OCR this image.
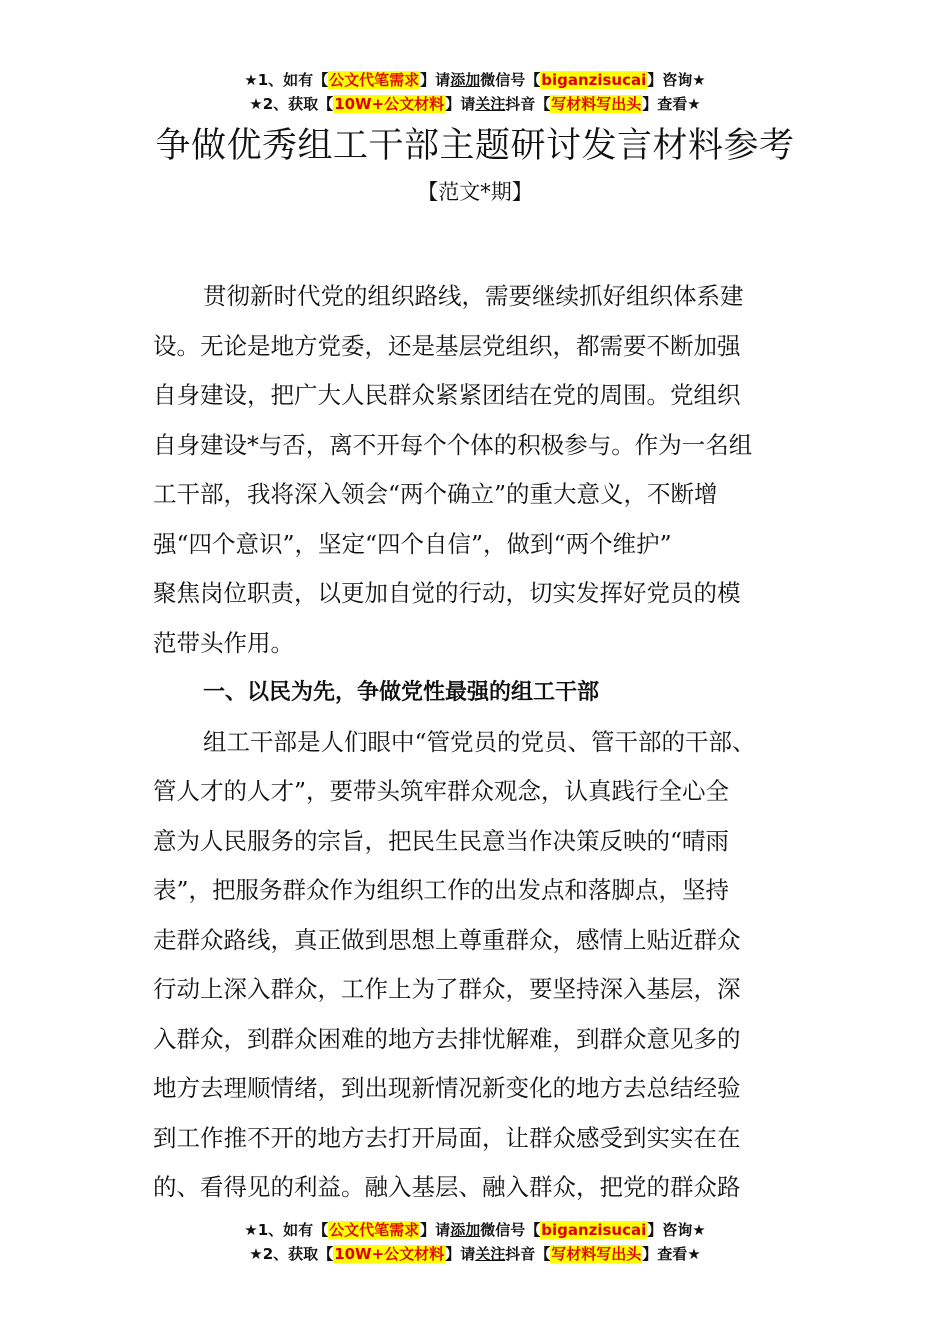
★1、如有【公文代笔需求】请添加微信号【biganzisucai】咨询★
★2、获取【10W+公文材料】请关注抖音【写材料写出头】查看★
争做优秀组工干部主题研讨发言材料参考
【范文*期】
贯彻新时代党的组织路线，需要继续抓好组织体系建
设。无论是地方党委，还是基层党组织，都需要不断加强
自身建设，把广大人民群众紧紧团结在党的周围。党组织
自身建设*与否，离不开每个个体的积极参与。作为一名组
工干部，我将深入领会“两个确立”的重大意义，不断增
强“四个意识”，坚定“四个自信”，做到“两个维护”
聚焦岗位职责，以更加自觉的行动，切实发挥好党员的模
范带头作用。
一、以民为先，争做党性最强的组工干部
组工干部是人们眼中“管党员的党员、管干部的干部、
管人才的人才”，要带头筑牢群众观念，认真践行全心全
意为人民服务的宗旨，把民生民意当作决策反映的“晴雨
表”，把服务群众作为组织工作的出发点和落脚点，坚持
走群众路线，真正做到思想上尊重群众，感情上贴近群众
行动上深入群众，工作上为了群众，要坚持深入基层，深
入群众，到群众困难的地方去排忧解难，到群众意见多的
地方去理顺情绪，到出现新情况新变化的地方去总结经验
到工作推不开的地方去打开局面，让群众感受到实实在在
的、看得见的利益。融入基层、融入群众，把党的群众路
★1、如有【公文代笔需求】请添加微信号【biganzisucai】咨询★
★2、获取【10W+公文材料】请关注抖音【写材料写出头】查看★
